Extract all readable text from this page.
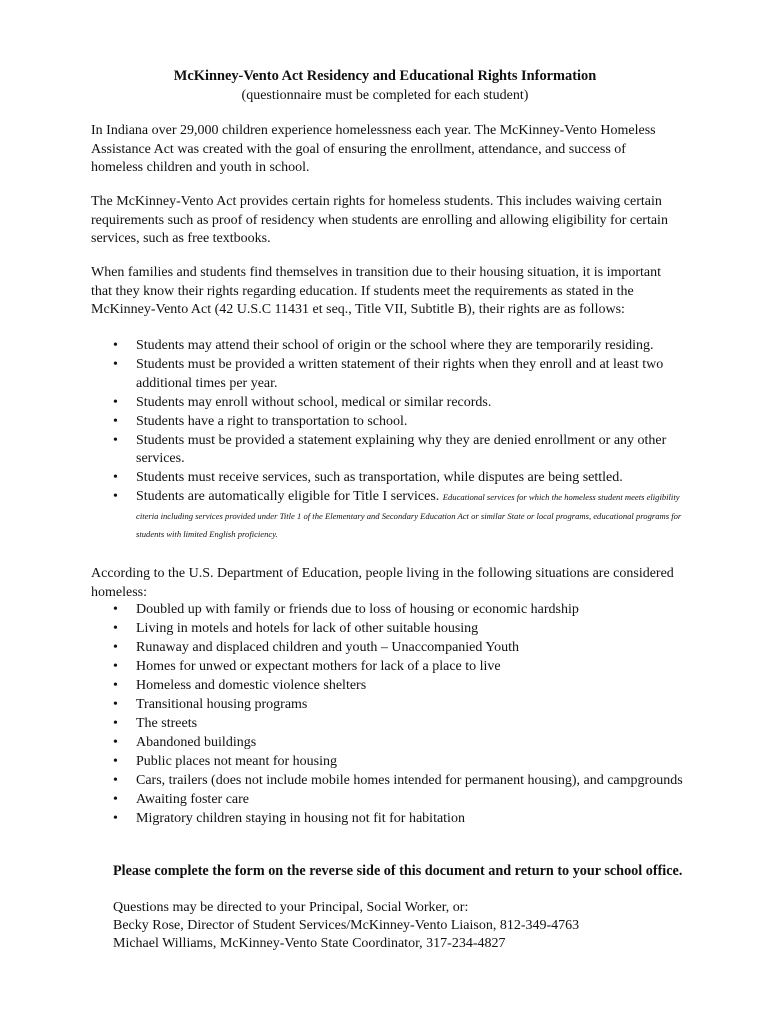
McKinney-Vento Act Residency and Educational Rights Information
(questionnaire must be completed for each student)

In Indiana over 29,000 children experience homelessness each year. The McKinney-Vento Homeless Assistance Act was created with the goal of ensuring the enrollment, attendance, and success of homeless children and youth in school.

The McKinney-Vento Act provides certain rights for homeless students. This includes waiving certain requirements such as proof of residency when students are enrolling and allowing eligibility for certain services, such as free textbooks.

When families and students find themselves in transition due to their housing situation, it is important that they know their rights regarding education. If students meet the requirements as stated in the McKinney-Vento Act (42 U.S.C 11431 et seq., Title VII, Subtitle B), their rights are as follows:

• Students may attend their school of origin or the school where they are temporarily residing.
• Students must be provided a written statement of their rights when they enroll and at least two additional times per year.
• Students may enroll without school, medical or similar records.
• Students have a right to transportation to school.
• Students must be provided a statement explaining why they are denied enrollment or any other services.
• Students must receive services, such as transportation, while disputes are being settled.
• Students are automatically eligible for Title I services. Educational services for which the homeless student meets eligibility citeria including services provided under Title 1 of the Elementary and Secondary Education Act or similar State or local programs, educational programs for students with limited English proficiency.

According to the U.S. Department of Education, people living in the following situations are considered homeless:

• Doubled up with family or friends due to loss of housing or economic hardship
• Living in motels and hotels for lack of other suitable housing
• Runaway and displaced children and youth – Unaccompanied Youth
• Homes for unwed or expectant mothers for lack of a place to live
• Homeless and domestic violence shelters
• Transitional housing programs
• The streets
• Abandoned buildings
• Public places not meant for housing
• Cars, trailers (does not include mobile homes intended for permanent housing), and campgrounds
• Awaiting foster care
• Migratory children staying in housing not fit for habitation

Please complete the form on the reverse side of this document and return to your school office.

Questions may be directed to your Principal, Social Worker, or:

Becky Rose, Director of Student Services/McKinney-Vento Liaison, 812-349-4763

Michael Williams, McKinney-Vento State Coordinator, 317-234-4827
